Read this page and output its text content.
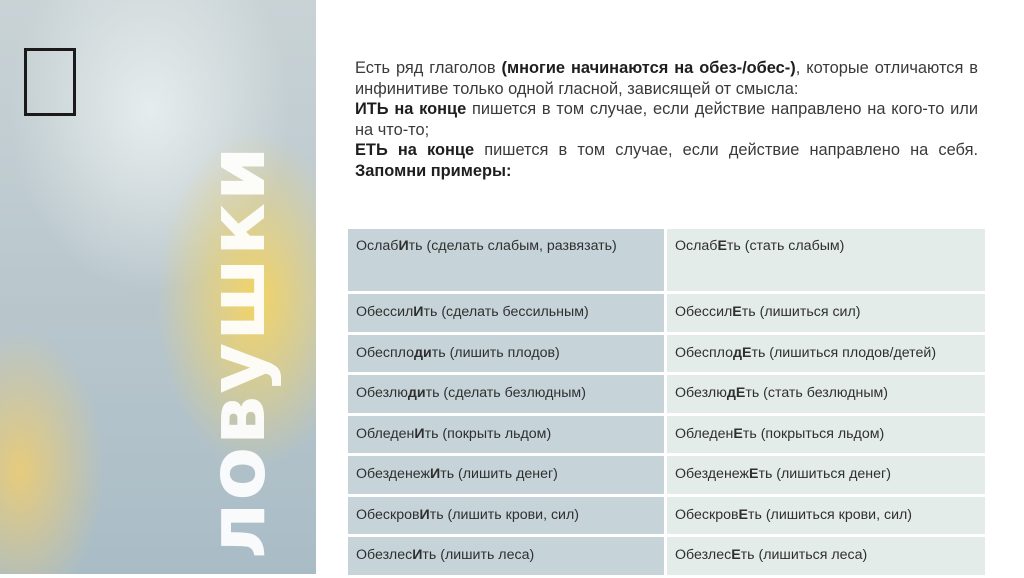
ловушки
Есть ряд глаголов (многие начинаются на обез-/обес-), которые отличаются в инфинитиве только одной гласной, зависящей от смысла:
ИТЬ на конце пишется в том случае, если действие направлено на кого-то или на что-то;
ЕТЬ на конце пишется в том случае, если действие направлено на себя. Запомни примеры:
ОслабИть (сделать слабым, развязать)	ОслабЕть (стать слабым)
ОбессилИть (сделать бессильным)	ОбессилЕть (лишиться сил)
Обесплодить (лишить плодов)	ОбесплодЕть (лишиться плодов/детей)
Обезлюдить (сделать безлюдным)	ОбезлюдЕть (стать безлюдным)
ОбледенИть (покрыть льдом)	ОбледенЕть (покрыться льдом)
ОбезденежИть (лишить денег)	ОбезденежЕть (лишиться денег)
ОбескровИть (лишить крови, сил)	ОбескровЕть (лишиться крови, сил)
ОбезлесИть (лишить леса)	ОбезлесЕть (лишиться леса)
